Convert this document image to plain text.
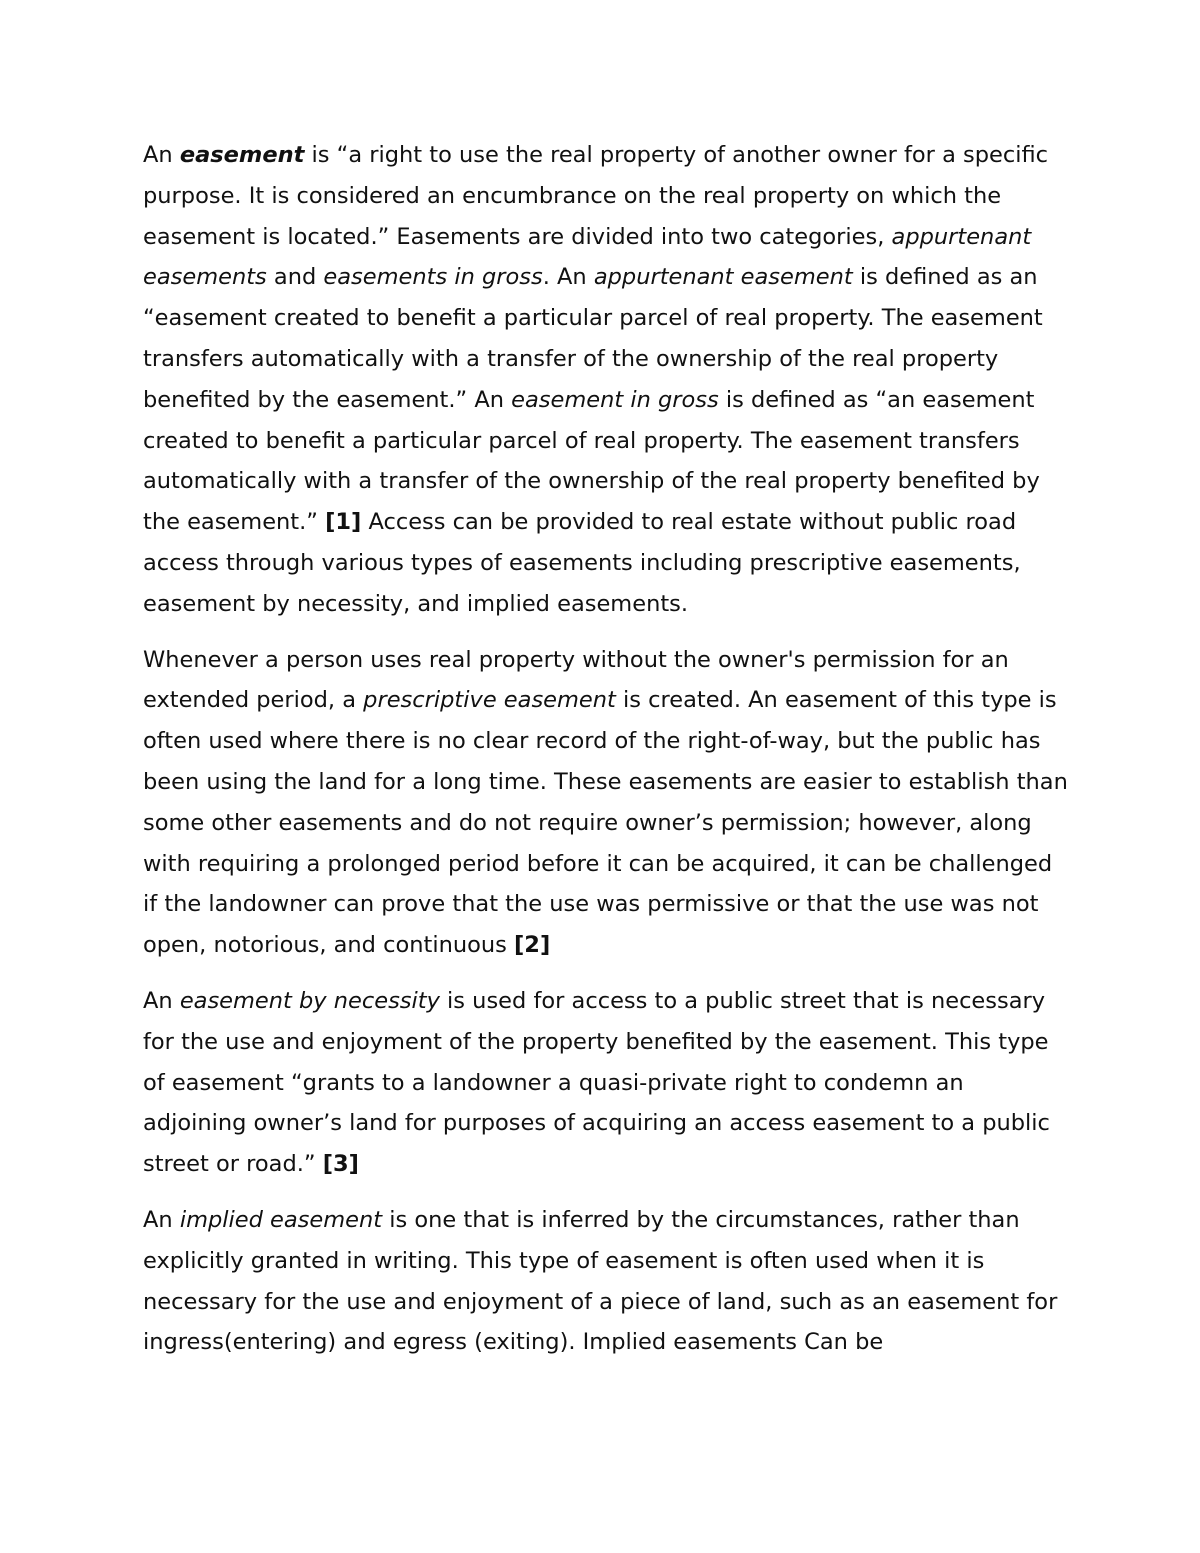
An easement is “a right to use the real property of another owner for a specific purpose. It is considered an encumbrance on the real property on which the easement is located.” Easements are divided into two categories, appurtenant easements and easements in gross. An appurtenant easement is defined as an “easement created to benefit a particular parcel of real property. The easement transfers automatically with a transfer of the ownership of the real property benefited by the easement.” An easement in gross is defined as “an easement created to benefit a particular parcel of real property. The easement transfers automatically with a transfer of the ownership of the real property benefited by the easement.” [1] Access can be provided to real estate without public road access through various types of easements including prescriptive easements, easement by necessity, and implied easements.

Whenever a person uses real property without the owner's permission for an extended period, a prescriptive easement is created. An easement of this type is often used where there is no clear record of the right-of-way, but the public has been using the land for a long time. These easements are easier to establish than some other easements and do not require owner’s permission; however, along with requiring a prolonged period before it can be acquired, it can be challenged if the landowner can prove that the use was permissive or that the use was not open, notorious, and continuous [2]

An easement by necessity is used for access to a public street that is necessary for the use and enjoyment of the property benefited by the easement. This type of easement “grants to a landowner a quasi-private right to condemn an adjoining owner’s land for purposes of acquiring an access easement to a public street or road.” [3]

An implied easement is one that is inferred by the circumstances, rather than explicitly granted in writing. This type of easement is often used when it is necessary for the use and enjoyment of a piece of land, such as an easement for ingress(entering) and egress (exiting). Implied easements Can be
